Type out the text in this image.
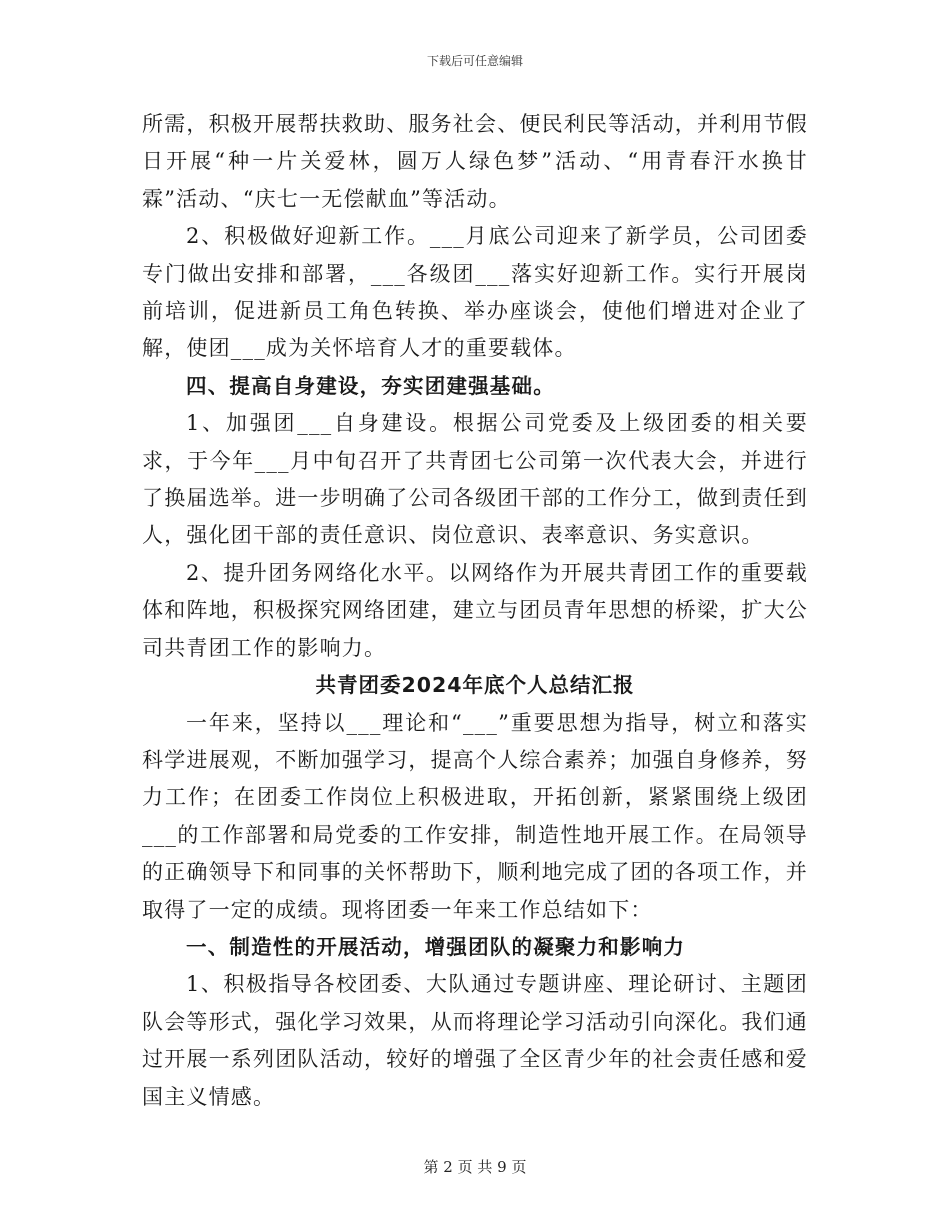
下载后可任意编辑

所需，积极开展帮扶救助、服务社会、便民利民等活动，并利用节假日开展“种一片关爱林，圆万人绿色梦”活动、“用青春汗水换甘霖”活动、“庆七一无偿献血”等活动。

2、积极做好迎新工作。___月底公司迎来了新学员，公司团委专门做出安排和部署，___各级团___落实好迎新工作。实行开展岗前培训，促进新员工角色转换、举办座谈会，使他们增进对企业了解，使团___成为关怀培育人才的重要载体。

四、提高自身建设，夯实团建强基础。

1、加强团___自身建设。根据公司党委及上级团委的相关要求，于今年___月中旬召开了共青团七公司第一次代表大会，并进行了换届选举。进一步明确了公司各级团干部的工作分工，做到责任到人，强化团干部的责任意识、岗位意识、表率意识、务实意识。

2、提升团务网络化水平。以网络作为开展共青团工作的重要载体和阵地，积极探究网络团建，建立与团员青年思想的桥梁，扩大公司共青团工作的影响力。

共青团委2024年底个人总结汇报

一年来，坚持以___理论和“___”重要思想为指导，树立和落实科学进展观，不断加强学习，提高个人综合素养；加强自身修养，努力工作；在团委工作岗位上积极进取，开拓创新，紧紧围绕上级团___的工作部署和局党委的工作安排，制造性地开展工作。在局领导的正确领导下和同事的关怀帮助下，顺利地完成了团的各项工作，并取得了一定的成绩。现将团委一年来工作总结如下：

一、制造性的开展活动，增强团队的凝聚力和影响力

1、积极指导各校团委、大队通过专题讲座、理论研讨、主题团队会等形式，强化学习效果，从而将理论学习活动引向深化。我们通过开展一系列团队活动，较好的增强了全区青少年的社会责任感和爱国主义情感。

第 2 页 共 9 页
